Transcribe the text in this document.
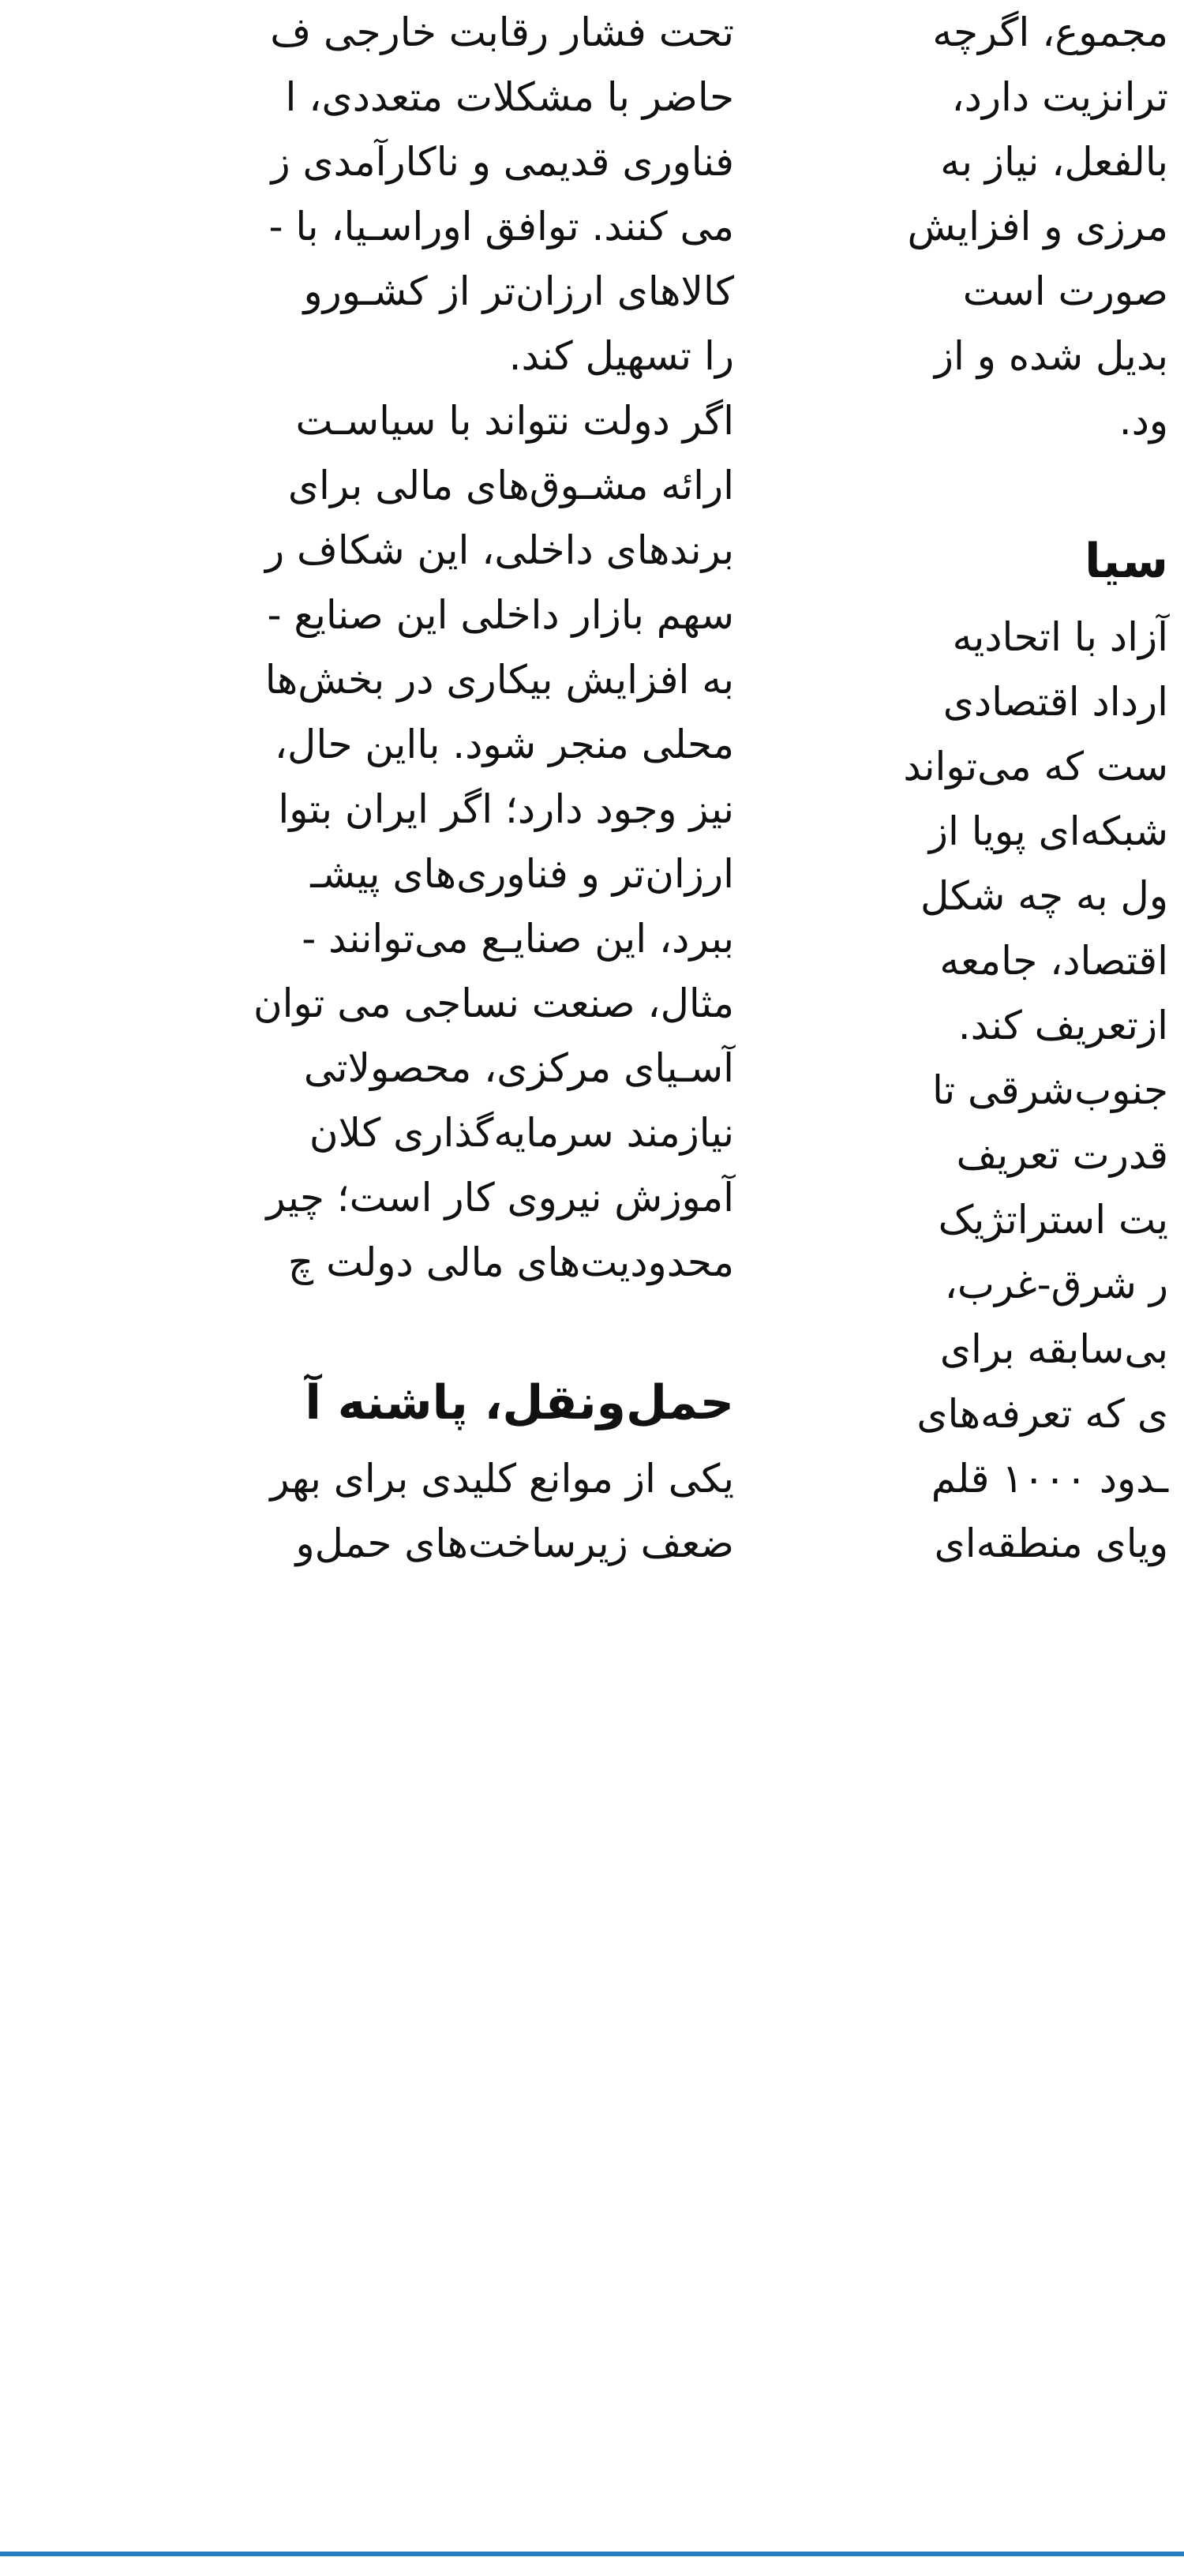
تحت فشار رقابت خارجی ف

حاضر با مشکلات متعددی، ا

فناوری قدیمی و ناکارآمدی ز

می کنند. توافق اوراسـیا، با -

کالاهای ارزان‌تر از کشـورو

را تسهیل کند.

اگر دولت نتواند با سیاسـت

ارائه مشـوق‌های مالی برای

برندهای داخلی، این شکاف ر

سهم بازار داخلی این صنایع -

به افزایش بیکاری در بخش‌ها

محلی منجر شود. بااین حال،

نیز وجود دارد؛ اگر ایران بتوا

ارزان‌تر و فناوری‌های پیشـ

ببرد، این صنایـع می‌توانند -

مثال، صنعت نساجی می توان

آسـیای مرکزی، محصولاتی

نیازمند سرمایه‌گذاری کلان

آموزش نیروی کار است؛ چیر

محدودیت‌های مالی دولت چ

حمل‌ونقل، پاشنه ‌آ

یکی از موانع کلیدی برای بهر

ضعف زیرساخت‌های حمل‌و

مجموع، اگرچه

ترانزیت دارد،

بالفعل، نیاز به

مرزی و افزایش

صورت است

بدیل شده و از

ود.

سیا

آزاد با اتحادیه

ارداد اقتصادی

ست که می‌تواند

شبکه‌ای پویا از

ول به چه شکل

اقتصاد، جامعه

ازتعریف کند.

جنوب‌شرقی تا

قدرت تعریف

یت استراتژیک

ر شرق-غرب،

بی‌سابقه برای

ی که تعرفه‌های

ـدود ۱۰۰۰ قلم

ویای منطقه‌ای
